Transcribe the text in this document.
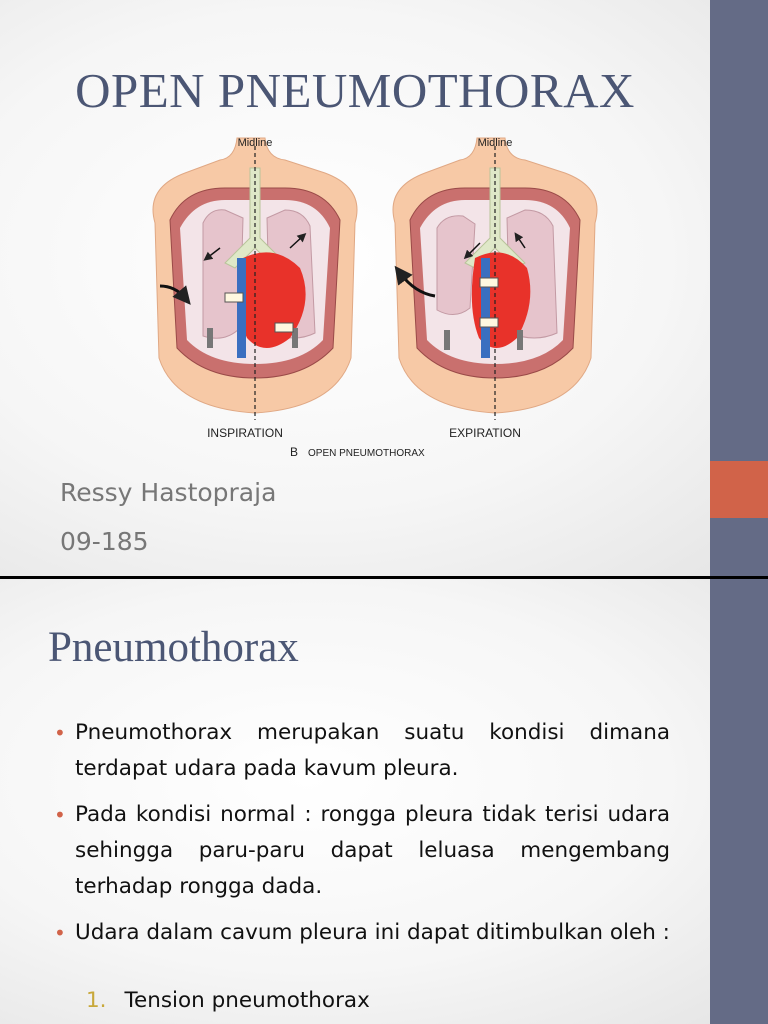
OPEN PNEUMOTHORAX
Midline	Midline
INSPIRATION	EXPIRATION
B OPEN PNEUMOTHORAX
Ressy Hastopraja
09-185
Pneumothorax
• Pneumothorax merupakan suatu kondisi dimana terdapat udara pada kavum pleura.
• Pada kondisi normal : rongga pleura tidak terisi udara sehingga paru-paru dapat leluasa mengembang terhadap rongga dada.
• Udara dalam cavum pleura ini dapat ditimbulkan oleh :
1. Tension pneumothorax
